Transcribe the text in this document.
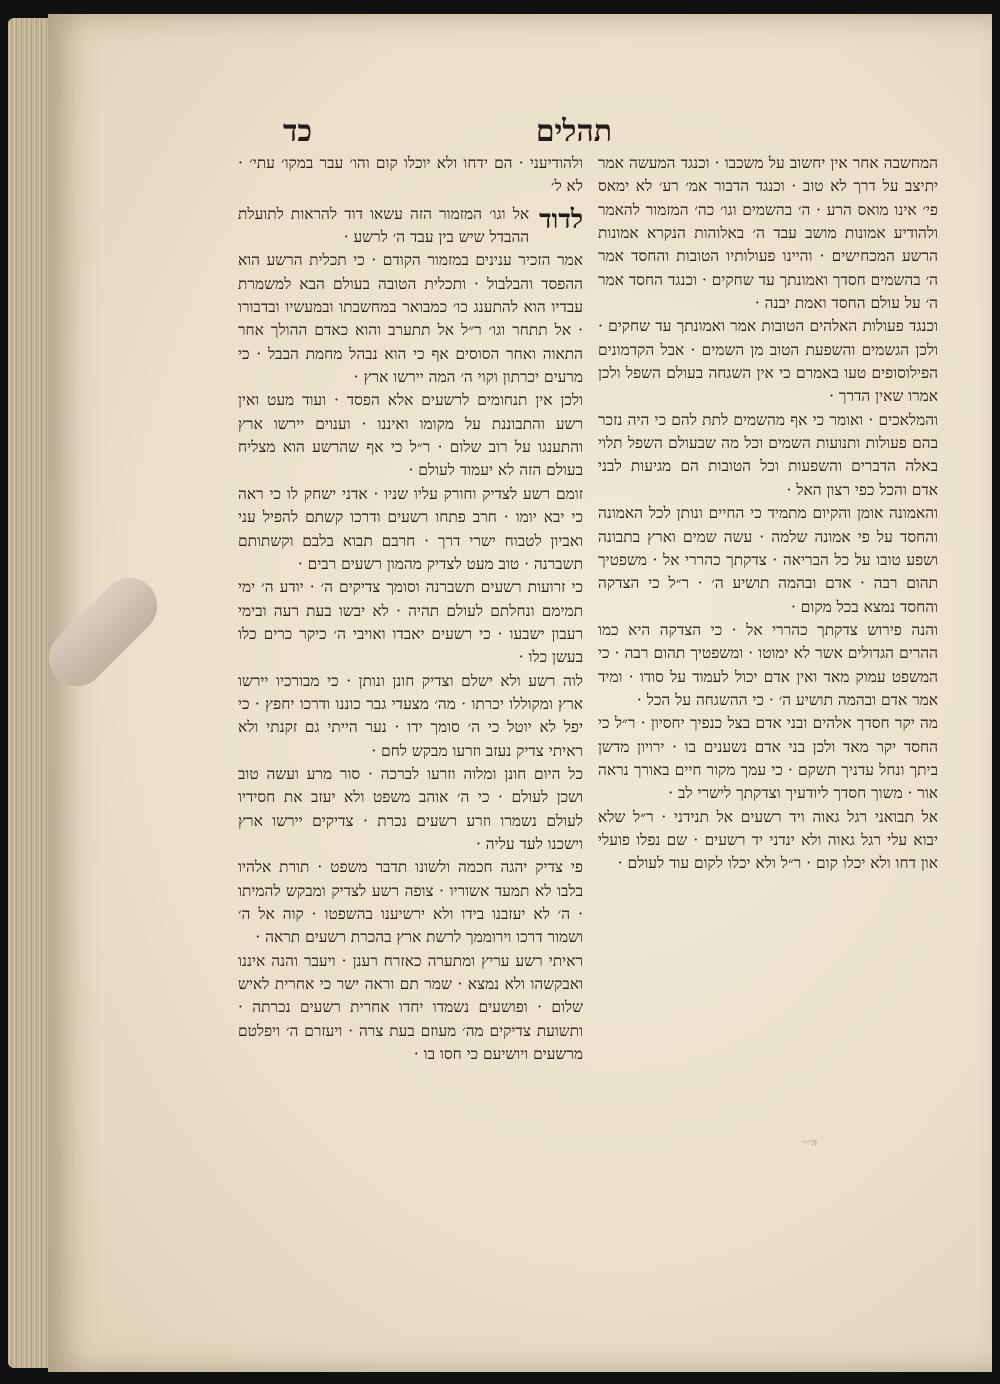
תהלים
כד

המחשבה אחר אין יחשוב על משכבו · וכנגד המעשה אמר יתיצב על דרך לא טוב · וכנגד הדבור אמ׳ רע׳ לא ימאס פי׳ אינו מואס הרע · ה׳ בהשמים וגו׳ כה׳ המזמור להאמר ולהודיע אמונות מושב עבד ה׳ באלוהות הנקרא אמונות הרשע המכחישים · והיינו פעולותיו הטובות והחסד אמר ה׳ בהשמים חסדך ואמונתך עד שחקים · וכנגד החסד אמר ה׳ על עולם החסד ואמת יבנה ·

וכנגד פעולות האלהים הטובות אמר ואמונתך עד שחקים · ולכן הגשמים והשפעת הטוב מן השמים · אבל הקדמונים הפילוסופים טעו באמרם כי אין השגחה בעולם השפל ולכן אמרו שאין הדרך ·

והמלאכים · ואומר כי אף מהשמים לתת להם כי היה נזכר בהם פעולות ותנועות השמים וכל מה שבעולם השפל תלוי באלה הדברים והשפעות וכל הטובות הם מגיעות לבני אדם והכל כפי רצון האל ·

והאמונה אומן והקיום מתמיד כי החיים ונותן לכל האמונה והחסד על פי אמונה שלמה · עשה שמים וארץ בתבונה ושפע טובו על כל הבריאה · צדקתך כהררי אל · משפטיך תהום רבה · אדם ובהמה תושיע ה׳ · ר״ל כי הצדקה והחסד נמצא בכל מקום ·

והנה פירוש צדקתך כהררי אל · כי הצדקה היא כמו ההרים הגדולים אשר לא ימוטו · ומשפטיך תהום רבה · כי המשפט עמוק מאד ואין אדם יכול לעמוד על סודו · ומיד אמר אדם ובהמה תושיע ה׳ · כי ההשגחה על הכל ·

מה יקר חסדך אלהים ובני אדם בצל כנפיך יחסיון · ר״ל כי החסד יקר מאד ולכן בני אדם נשענים בו · ירויון מדשן ביתך ונחל עדניך תשקם · כי עמך מקור חיים באורך נראה אור · משוך חסדך ליודעיך וצדקתך לישרי לב ·

אל תבואני רגל גאוה ויד רשעים אל תנידני · ר״ל שלא יבוא עלי רגל גאוה ולא ינדני יד רשעים · שם נפלו פועלי און דחו ולא יכלו קום · ר״ל ולא יכלו לקום עוד לעולם ·

ולהודיעני · הם ידחו ולא יוכלו קום והו׳ עבר במקו׳ עתי׳ · לא ל׳

לדוד
אל וגו׳ המזמור הזה עשאו דוד להראות לתועלת ההבדל שיש בין עבד ה׳ לרשע ·

אמר הזכיר ענינים במזמור הקודם · כי תכלית הרשע הוא ההפסד והבלבול · ותכלית הטובה בעולם הבא למשמרת עבדיו הוא להתענג כו׳ כמבואר במחשבתו ובמעשיו ובדבורו · אל תתחר וגו׳ ר״ל אל תתערב והוא כאדם ההולך אחר התאוה ואחר הסוסים אף כי הוא נבהל מחמת הבבל · כי מרעים יכרתון וקוי ה׳ המה יירשו ארץ ·

ולכן אין תנחומים לרשעים אלא הפסד · ועוד מעט ואין רשע והתבוננת על מקומו ואיננו · וענוים יירשו ארץ והתענגו על רוב שלום · ר״ל כי אף שהרשע הוא מצליח בעולם הזה לא יעמוד לעולם ·

זומם רשע לצדיק וחורק עליו שניו · אדני ישחק לו כי ראה כי יבא יומו · חרב פתחו רשעים ודרכו קשתם להפיל עני ואביון לטבוח ישרי דרך · חרבם תבוא בלבם וקשתותם תשברנה · טוב מעט לצדיק מהמון רשעים רבים ·

כי זרועות רשעים תשברנה וסומך צדיקים ה׳ · יודע ה׳ ימי תמימם ונחלתם לעולם תהיה · לא יבשו בעת רעה ובימי רעבון ישבעו · כי רשעים יאבדו ואויבי ה׳ כיקר כרים כלו בעשן כלו ·

לוה רשע ולא ישלם וצדיק חונן ונותן · כי מבורכיו יירשו ארץ ומקוללו יכרתו · מה׳ מצעדי גבר כוננו ודרכו יחפץ · כי יפל לא יוטל כי ה׳ סומך ידו · נער הייתי גם זקנתי ולא ראיתי צדיק נעזב וזרעו מבקש לחם ·

כל היום חונן ומלוה וזרעו לברכה · סור מרע ועשה טוב ושכן לעולם · כי ה׳ אוהב משפט ולא יעזב את חסידיו לעולם נשמרו וזרע רשעים נכרת · צדיקים יירשו ארץ וישכנו לעד עליה ·

פי צדיק יהגה חכמה ולשונו תדבר משפט · תורת אלהיו בלבו לא תמעד אשוריו · צופה רשע לצדיק ומבקש להמיתו · ה׳ לא יעזבנו בידו ולא ירשיענו בהשפטו · קוה אל ה׳ ושמור דרכו וירוממך לרשת ארץ בהכרת רשעים תראה ·

ראיתי רשע עריץ ומתערה כאזרח רענן · ויעבר והנה איננו ואבקשהו ולא נמצא · שמר תם וראה ישר כי אחרית לאיש שלום · ופושעים נשמדו יחדו אחרית רשעים נכרתה · ותשועת צדיקים מה׳ מעוזם בעת צרה · ויעזרם ה׳ ויפלטם מרשעים ויושיעם כי חסו בו ·

ה׳׳׳׳
